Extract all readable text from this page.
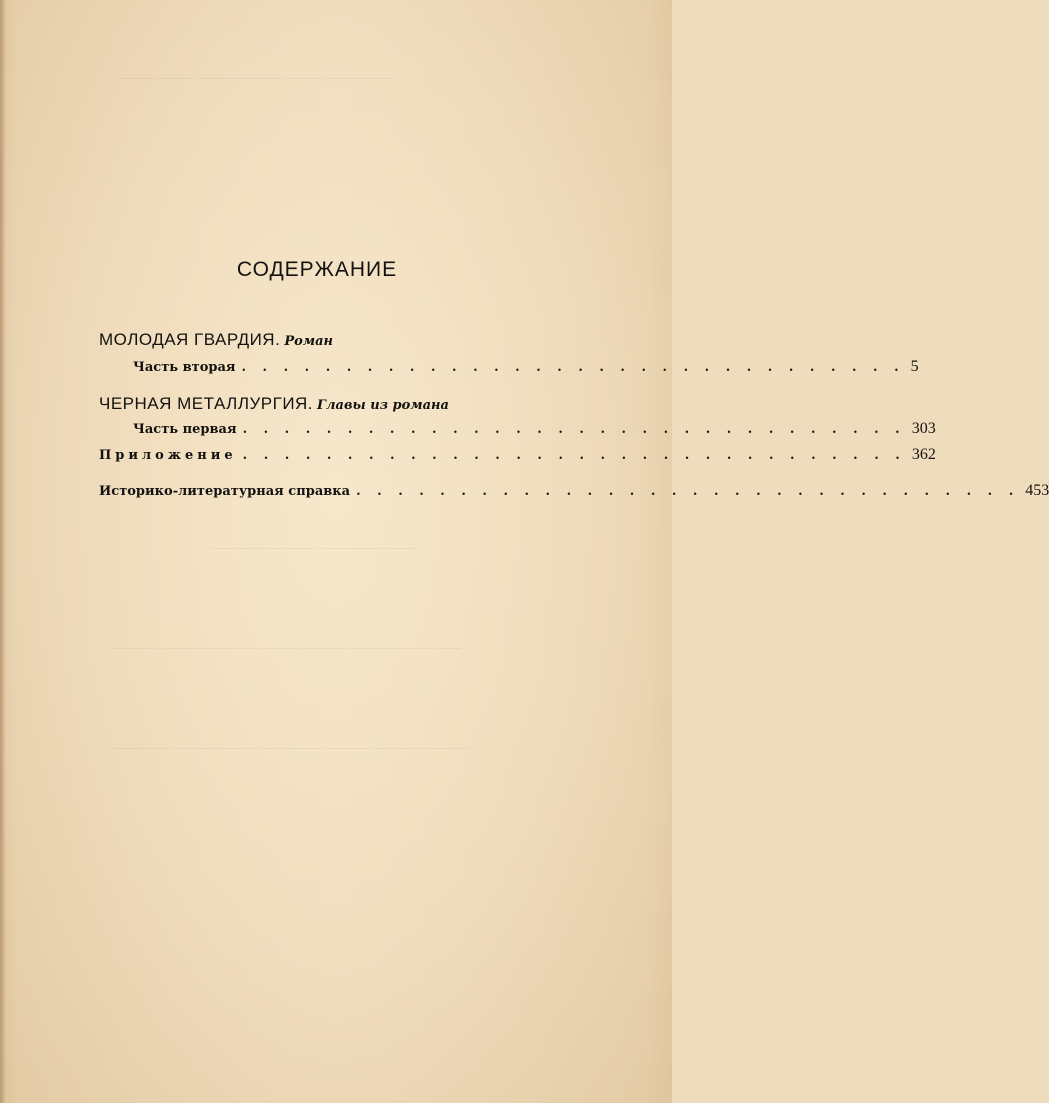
——— ——— ——————— ——— ——————
————————— ————————
———— ———————— ——— ———— ——————— ——
————— ——————— ————— ———— ————————
СОДЕРЖАНИЕ
МОЛОДАЯ ГВАРДИЯ. Роман
Часть вторая . . . . . . . . . . . . . . . . . . . . . . . . . . . . . . . . 5
ЧЕРНАЯ МЕТАЛЛУРГИЯ. Главы из романа
Часть первая . . . . . . . . . . . . . . . . . . . . . . . . . . . . . . . . 303
Приложение . . . . . . . . . . . . . . . . . . . . . . . . . . . . . . . . 362
Историко-литературная справка . . . . . . . . . . . . . . . . . . . . . . . . . . . . . . . . 453
